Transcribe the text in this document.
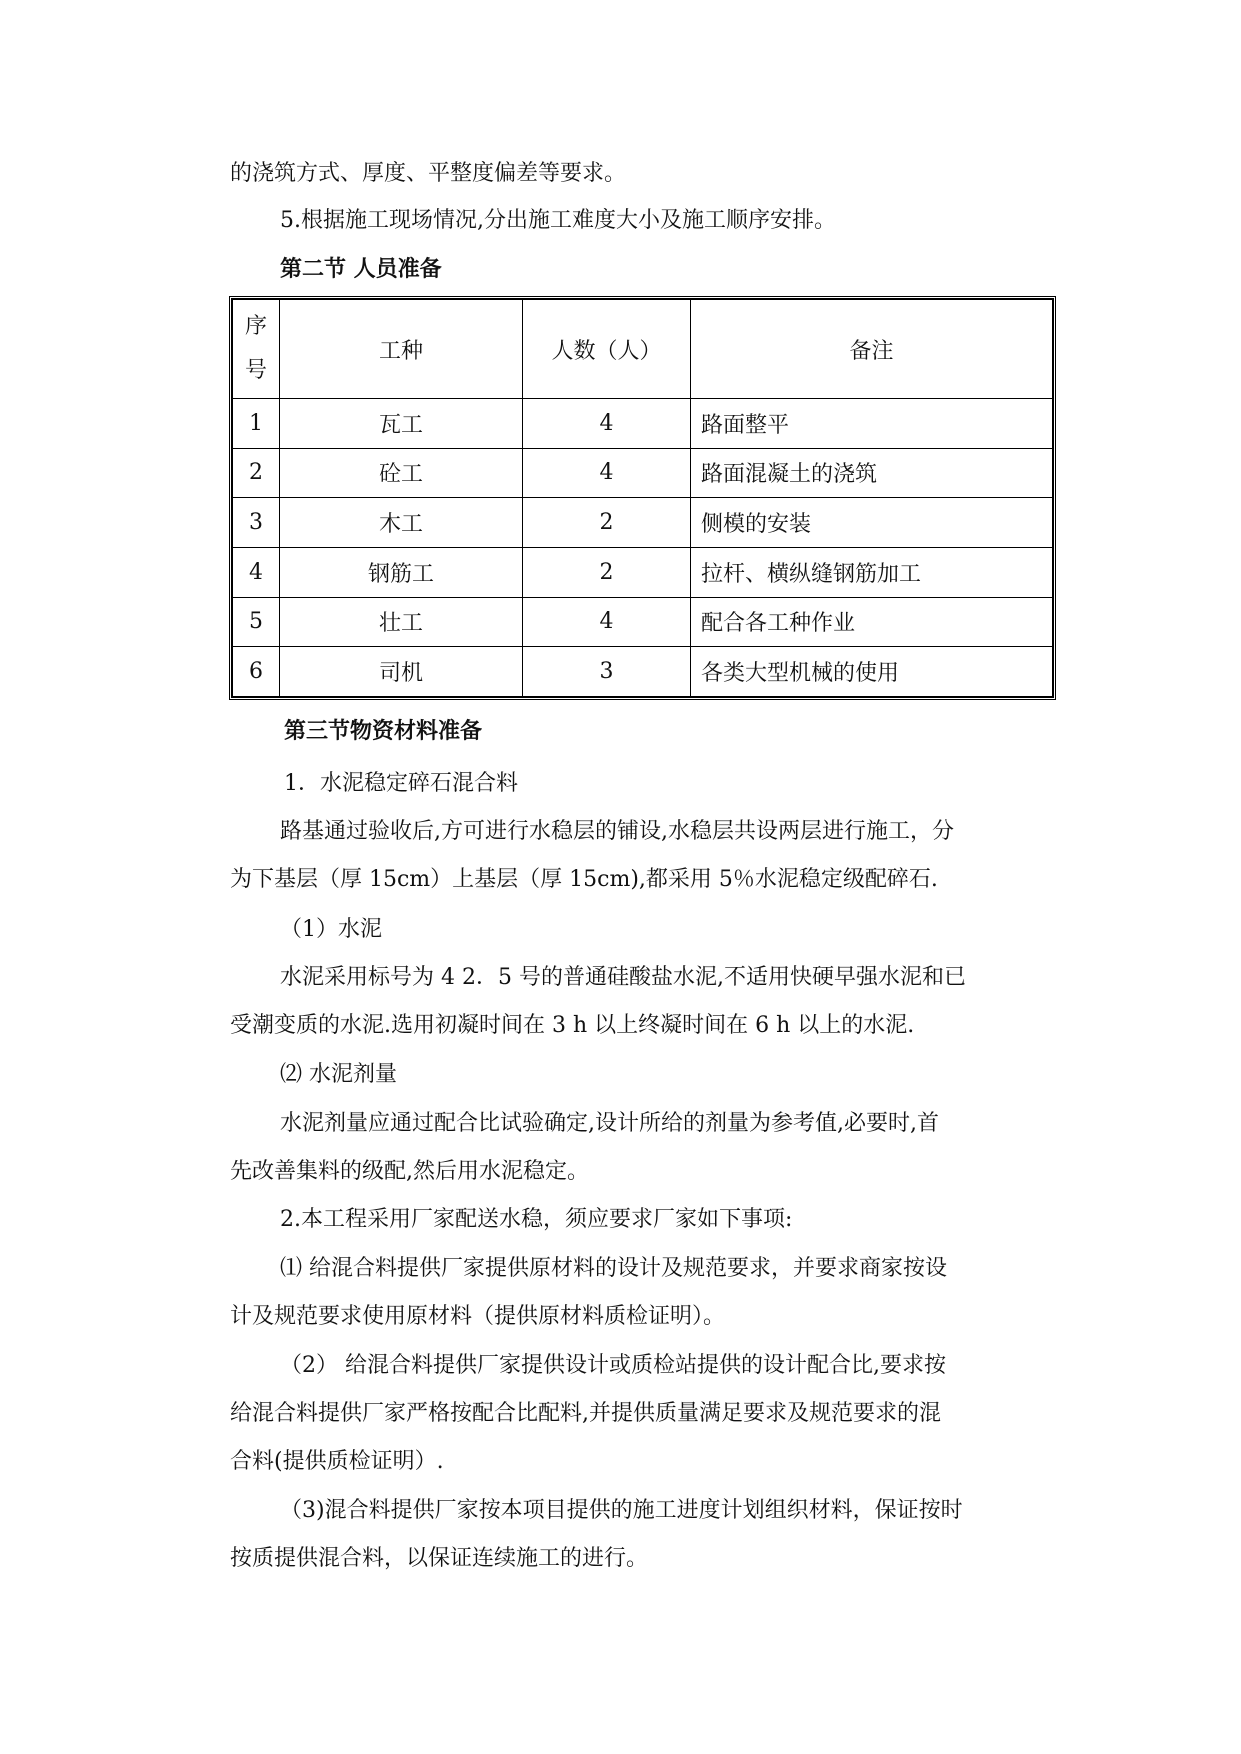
的浇筑方式、厚度、平整度偏差等要求。
5.根据施工现场情况,分出施工难度大小及施工顺序安排。
第二节 人员准备
序
号	工种	人数（人）	备注
1	瓦工	4	路面整平
2	砼工	4	路面混凝土的浇筑
3	木工	2	侧模的安装
4	钢筋工	2	拉杆、横纵缝钢筋加工
5	壮工	4	配合各工种作业
6	司机	3	各类大型机械的使用
第三节物资材料准备
1．水泥稳定碎石混合料
路基通过验收后,方可进行水稳层的铺设,水稳层共设两层进行施工，分
为下基层（厚 15cm）上基层（厚 15cm),都采用 5％水泥稳定级配碎石.
（1）水泥
水泥采用标号为 4 2．5 号的普通硅酸盐水泥,不适用快硬早强水泥和已
受潮变质的水泥.选用初凝时间在 3 h 以上终凝时间在 6 h 以上的水泥.
⑵ 水泥剂量
水泥剂量应通过配合比试验确定,设计所给的剂量为参考值,必要时,首
先改善集料的级配,然后用水泥稳定。
2.本工程采用厂家配送水稳，须应要求厂家如下事项:
⑴ 给混合料提供厂家提供原材料的设计及规范要求，并要求商家按设
计及规范要求使用原材料（提供原材料质检证明）。
（2） 给混合料提供厂家提供设计或质检站提供的设计配合比,要求按
给混合料提供厂家严格按配合比配料,并提供质量满足要求及规范要求的混
合料(提供质检证明）.
（3)混合料提供厂家按本项目提供的施工进度计划组织材料，保证按时
按质提供混合料，以保证连续施工的进行。
